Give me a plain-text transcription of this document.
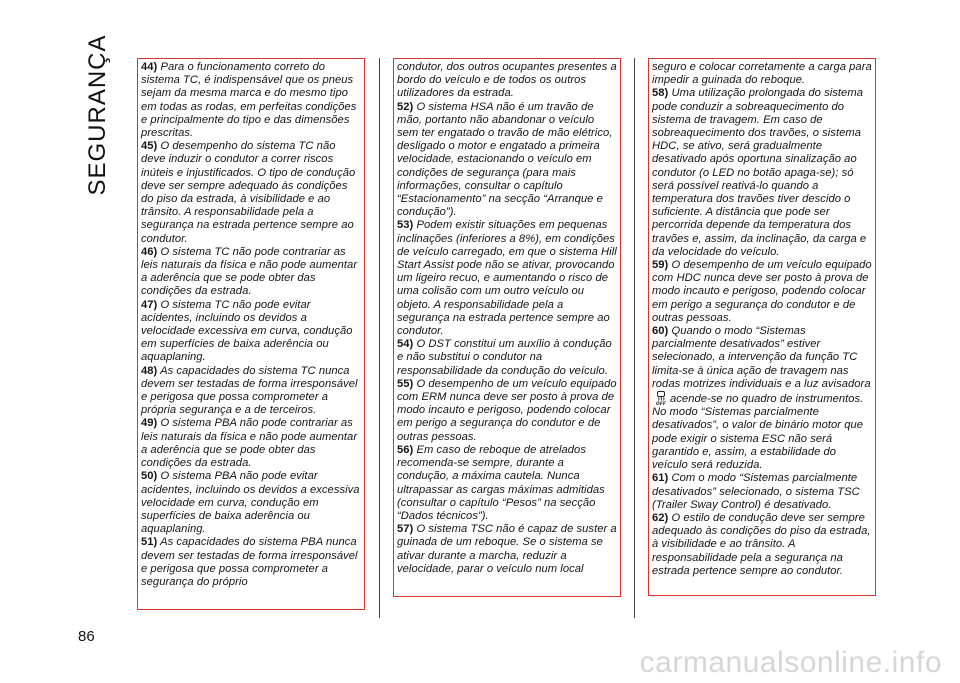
SEGURANÇA
86

44) Para o funcionamento correto do sistema TC, é indispensável que os pneus sejam da mesma marca e do mesmo tipo em todas as rodas, em perfeitas condições e principalmente do tipo e das dimensões prescritas.

45) O desempenho do sistema TC não deve induzir o condutor a correr riscos inúteis e injustificados. O tipo de condução deve ser sempre adequado às condições do piso da estrada, à visibilidade e ao trânsito. A responsabilidade pela a segurança na estrada pertence sempre ao condutor.

46) O sistema TC não pode contrariar as leis naturais da física e não pode aumentar a aderência que se pode obter das condições da estrada.

47) O sistema TC não pode evitar acidentes, incluindo os devidos a velocidade excessiva em curva, condução em superfícies de baixa aderência ou aquaplaning.

48) As capacidades do sistema TC nunca devem ser testadas de forma irresponsável e perigosa que possa comprometer a própria segurança e a de terceiros.

49) O sistema PBA não pode contrariar as leis naturais da física e não pode aumentar a aderência que se pode obter das condições da estrada.

50) O sistema PBA não pode evitar acidentes, incluindo os devidos a excessiva velocidade em curva, condução em superfícies de baixa aderência ou aquaplaning.

51) As capacidades do sistema PBA nunca devem ser testadas de forma irresponsável e perigosa que possa comprometer a segurança do próprio

condutor, dos outros ocupantes presentes a bordo do veículo e de todos os outros utilizadores da estrada.

52) O sistema HSA não é um travão de mão, portanto não abandonar o veículo sem ter engatado o travão de mão elétrico, desligado o motor e engatado a primeira velocidade, estacionando o veículo em condições de segurança (para mais informações, consultar o capítulo “Estacionamento” na secção “Arranque e condução”).

53) Podem existir situações em pequenas inclinações (inferiores a 8%), em condições de veículo carregado, em que o sistema Hill Start Assist pode não se ativar, provocando um ligeiro recuo, e aumentando o risco de uma colisão com um outro veículo ou objeto. A responsabilidade pela a segurança na estrada pertence sempre ao condutor.

54) O DST constitui um auxílio à condução e não substitui o condutor na responsabilidade da condução do veículo.

55) O desempenho de um veículo equipado com ERM nunca deve ser posto à prova de modo incauto e perigoso, podendo colocar em perigo a segurança do condutor e de outras pessoas.

56) Em caso de reboque de atrelados recomenda-se sempre, durante a condução, a máxima cautela. Nunca ultrapassar as cargas máximas admitidas (consultar o capítulo “Pesos” na secção “Dados técnicos”).

57) O sistema TSC não é capaz de suster a guinada de um reboque. Se o sistema se ativar durante a marcha, reduzir a velocidade, parar o veículo num local

seguro e colocar corretamente a carga para impedir a guinada do reboque.

58) Uma utilização prolongada do sistema pode conduzir a sobreaquecimento do sistema de travagem. Em caso de sobreaquecimento dos travões, o sistema HDC, se ativo, será gradualmente desativado após oportuna sinalização ao condutor (o LED no botão apaga-se); só será possível reativá-lo quando a temperatura dos travões tiver descido o suficiente. A distância que pode ser percorrida depende da temperatura dos travões e, assim, da inclinação, da carga e da velocidade do veículo.

59) O desempenho de um veículo equipado com HDC nunca deve ser posto à prova de modo incauto e perigoso, podendo colocar em perigo a segurança do condutor e de outras pessoas.

60) Quando o modo “Sistemas parcialmente desativados” estiver selecionado, a intervenção da função TC limita-se à única ação de travagem nas rodas motrizes individuais e a luz avisadora
OFF acende-se no quadro de instrumentos. No modo “Sistemas parcialmente desativados”, o valor de binário motor que pode exigir o sistema ESC não será garantido e, assim, a estabilidade do veículo será reduzida.

61) Com o modo “Sistemas parcialmente desativados” selecionado, o sistema TSC (Trailer Sway Control) é desativado.

62) O estilo de condução deve ser sempre adequado às condições do piso da estrada, à visibilidade e ao trânsito. A responsabilidade pela a segurança na estrada pertence sempre ao condutor.

carmanualsonline.info
